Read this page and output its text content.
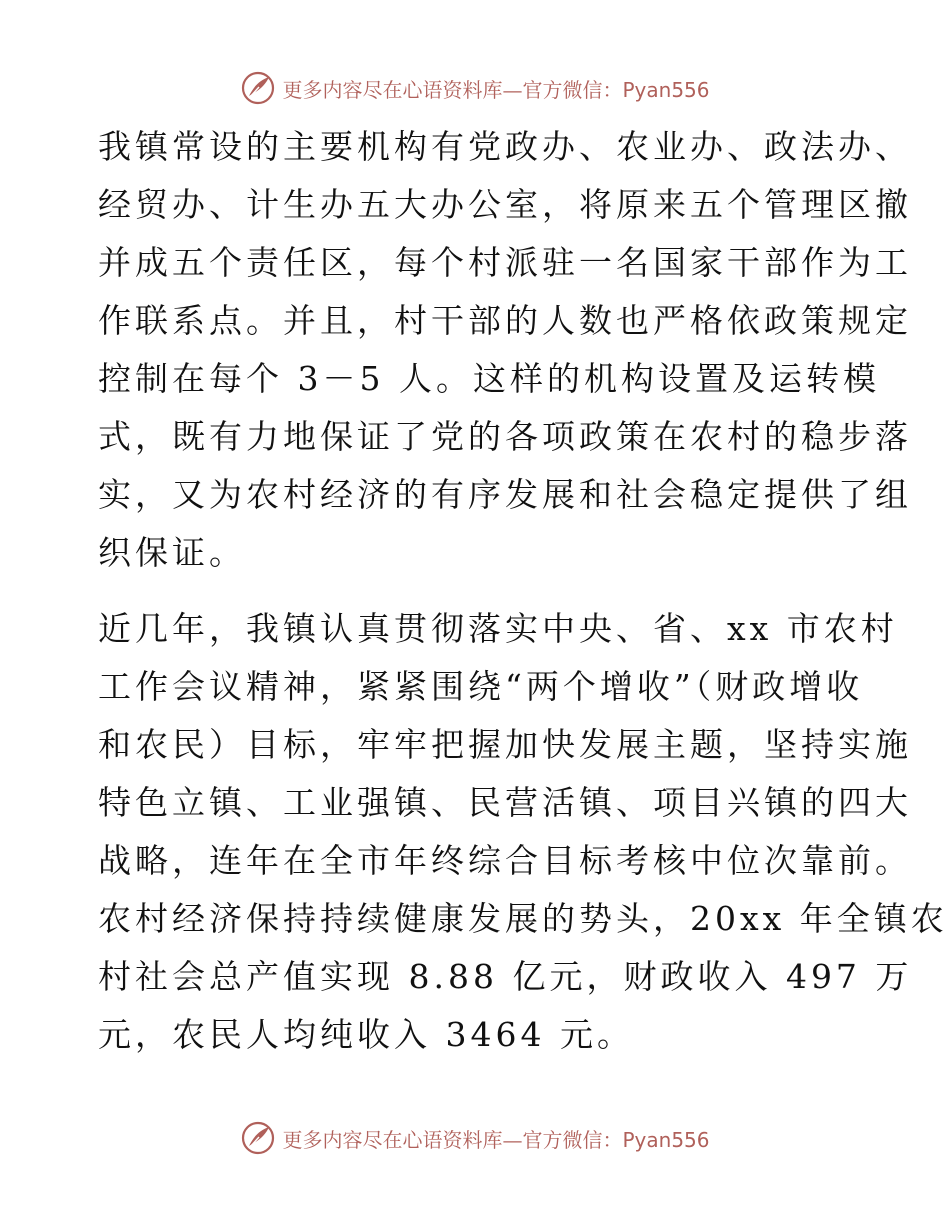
更多内容尽在心语资料库—官方微信：Pyan556

我镇常设的主要机构有党政办、农业办、政法办、
经贸办、计生办五大办公室，将原来五个管理区撤
并成五个责任区，每个村派驻一名国家干部作为工
作联系点。并且，村干部的人数也严格依政策规定
控制在每个 3－5 人。这样的机构设置及运转模
式，既有力地保证了党的各项政策在农村的稳步落
实，又为农村经济的有序发展和社会稳定提供了组
织保证。

近几年，我镇认真贯彻落实中央、省、xx 市农村
工作会议精神，紧紧围绕“两个增收”（财政增收
和农民）目标，牢牢把握加快发展主题，坚持实施
特色立镇、工业强镇、民营活镇、项目兴镇的四大
战略，连年在全市年终综合目标考核中位次靠前。
农村经济保持持续健康发展的势头，20xx 年全镇农
村社会总产值实现 8.88 亿元，财政收入 497 万
元，农民人均纯收入 3464 元。

更多内容尽在心语资料库—官方微信：Pyan556
